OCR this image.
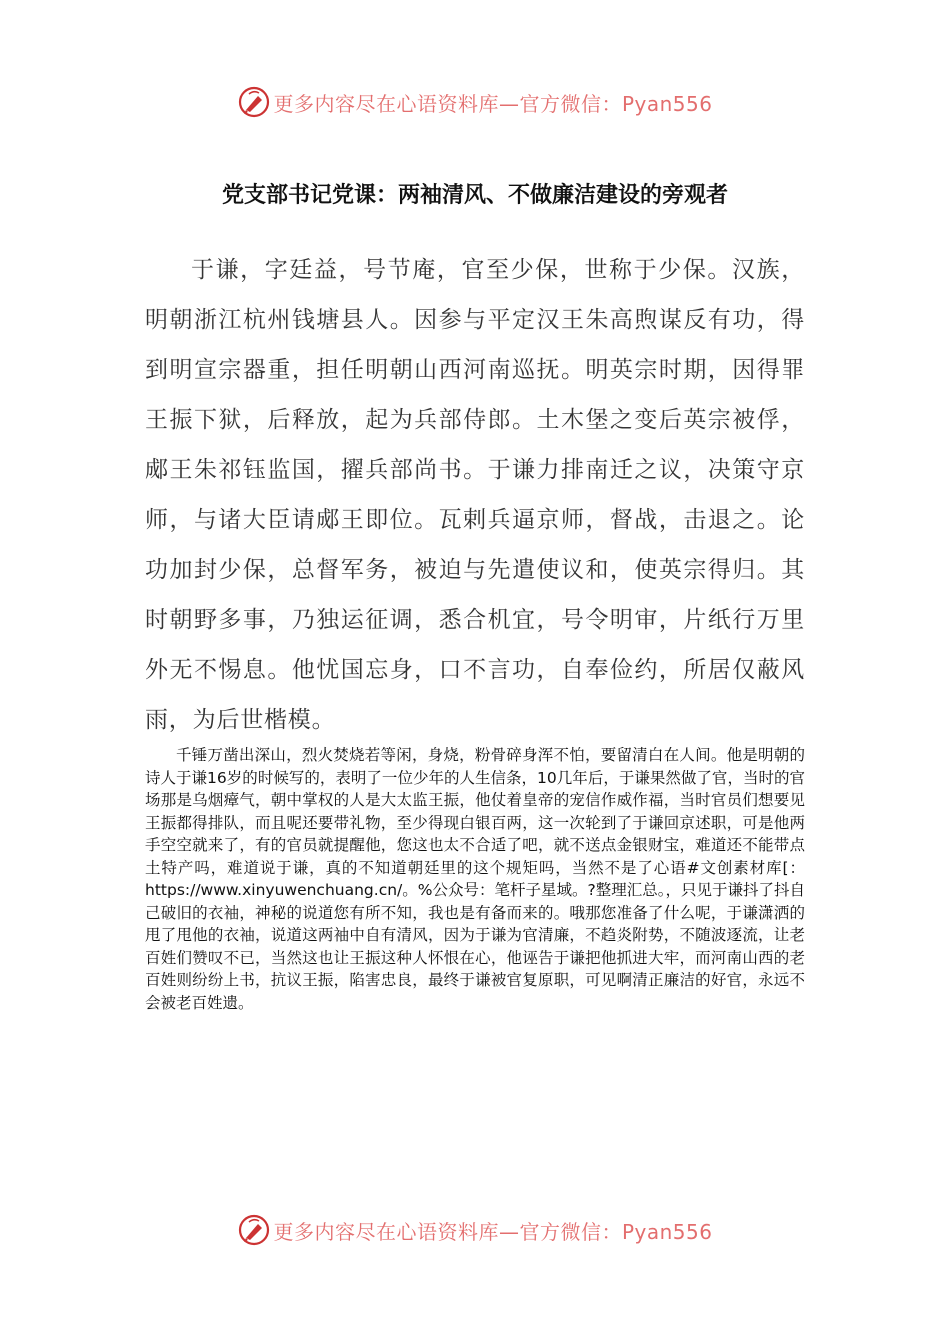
更多内容尽在心语资料库—官方微信：Pyan556
党支部书记党课：两袖清风、不做廉洁建设的旁观者

于谦，字廷益，号节庵，官至少保，世称于少保。汉族，明朝浙江杭州钱塘县人。因参与平定汉王朱高煦谋反有功，得到明宣宗器重，担任明朝山西河南巡抚。明英宗时期，因得罪王振下狱，后释放，起为兵部侍郎。土木堡之变后英宗被俘，郕王朱祁钰监国，擢兵部尚书。于谦力排南迁之议，决策守京师，与诸大臣请郕王即位。瓦剌兵逼京师，督战，击退之。论功加封少保，总督军务，被迫与先遣使议和，使英宗得归。其时朝野多事，乃独运征调，悉合机宜，号令明审，片纸行万里外无不惕息。他忧国忘身，口不言功，自奉俭约，所居仅蔽风雨，为后世楷模。

千锤万凿出深山，烈火焚烧若等闲，身烧，粉骨碎身浑不怕，要留清白在人间。他是明朝的诗人于谦16岁的时候写的，表明了一位少年的人生信条，10几年后，于谦果然做了官，当时的官场那是乌烟瘴气，朝中掌权的人是大太监王振，他仗着皇帝的宠信作威作福，当时官员们想要见王振都得排队，而且呢还要带礼物，至少得现白银百两，这一次轮到了于谦回京述职，可是他两手空空就来了，有的官员就提醒他，您这也太不合适了吧，就不送点金银财宝，难道还不能带点土特产吗，难道说于谦，真的不知道朝廷里的这个规矩吗，当然不是了心语#文创素材库[：https://www.xinyuwenchuang.cn/。%公众号：笔杆子星域。?整理汇总。，只见于谦抖了抖自己破旧的衣袖，神秘的说道您有所不知，我也是有备而来的。哦那您准备了什么呢，于谦潇洒的甩了甩他的衣袖，说道这两袖中自有清风，因为于谦为官清廉，不趋炎附势，不随波逐流，让老百姓们赞叹不已，当然这也让王振这种人怀恨在心，他诬告于谦把他抓进大牢，而河南山西的老百姓则纷纷上书，抗议王振，陷害忠良，最终于谦被官复原职，可见啊清正廉洁的好官，永远不会被老百姓遗。

更多内容尽在心语资料库—官方微信：Pyan556
